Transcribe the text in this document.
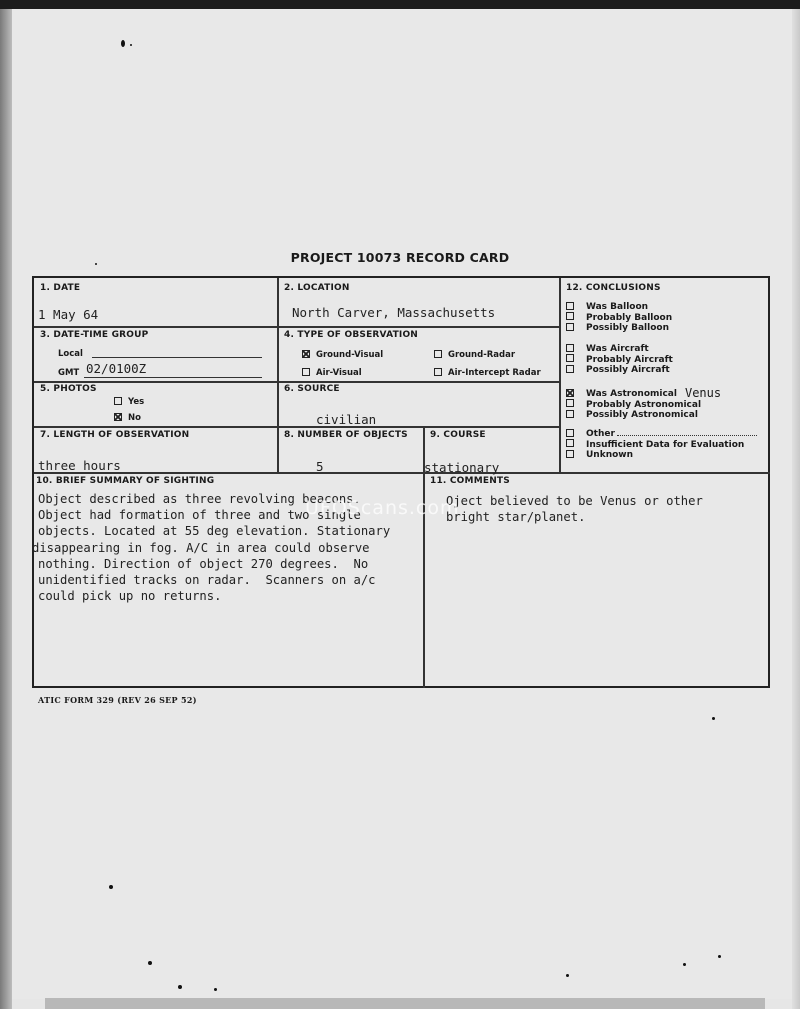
PROJECT 10073 RECORD CARD
1. DATE
1 May 64
2. LOCATION
North Carver, Massachusetts
3. DATE-TIME GROUP
Local
GMT 02/0100Z
4. TYPE OF OBSERVATION
Ground-Visual	Ground-Radar
Air-Visual	Air-Intercept Radar
5. PHOTOS
Yes
No
6. SOURCE
civilian
7. LENGTH OF OBSERVATION
three hours
8. NUMBER OF OBJECTS
5
9. COURSE
stationary
10. BRIEF SUMMARY OF SIGHTING
Object described as three revolving beacons.
Object had formation of three and two single
objects. Located at 55 deg elevation. Stationary
disappearing in fog. A/C in area could observe
nothing. Direction of object 270 degrees.  No
unidentified tracks on radar.  Scanners on a/c
could pick up no returns.
11. COMMENTS
Oject believed to be Venus or other
bright star/planet.
12. CONCLUSIONS
Was Balloon
Probably Balloon
Possibly Balloon
Was Aircraft
Probably Aircraft
Possibly Aircraft
Was Astronomical Venus
Probably Astronomical
Possibly Astronomical
Other
Insufficient Data for Evaluation
Unknown
UFOScans.com
ATIC FORM 329 (REV 26 SEP 52)
